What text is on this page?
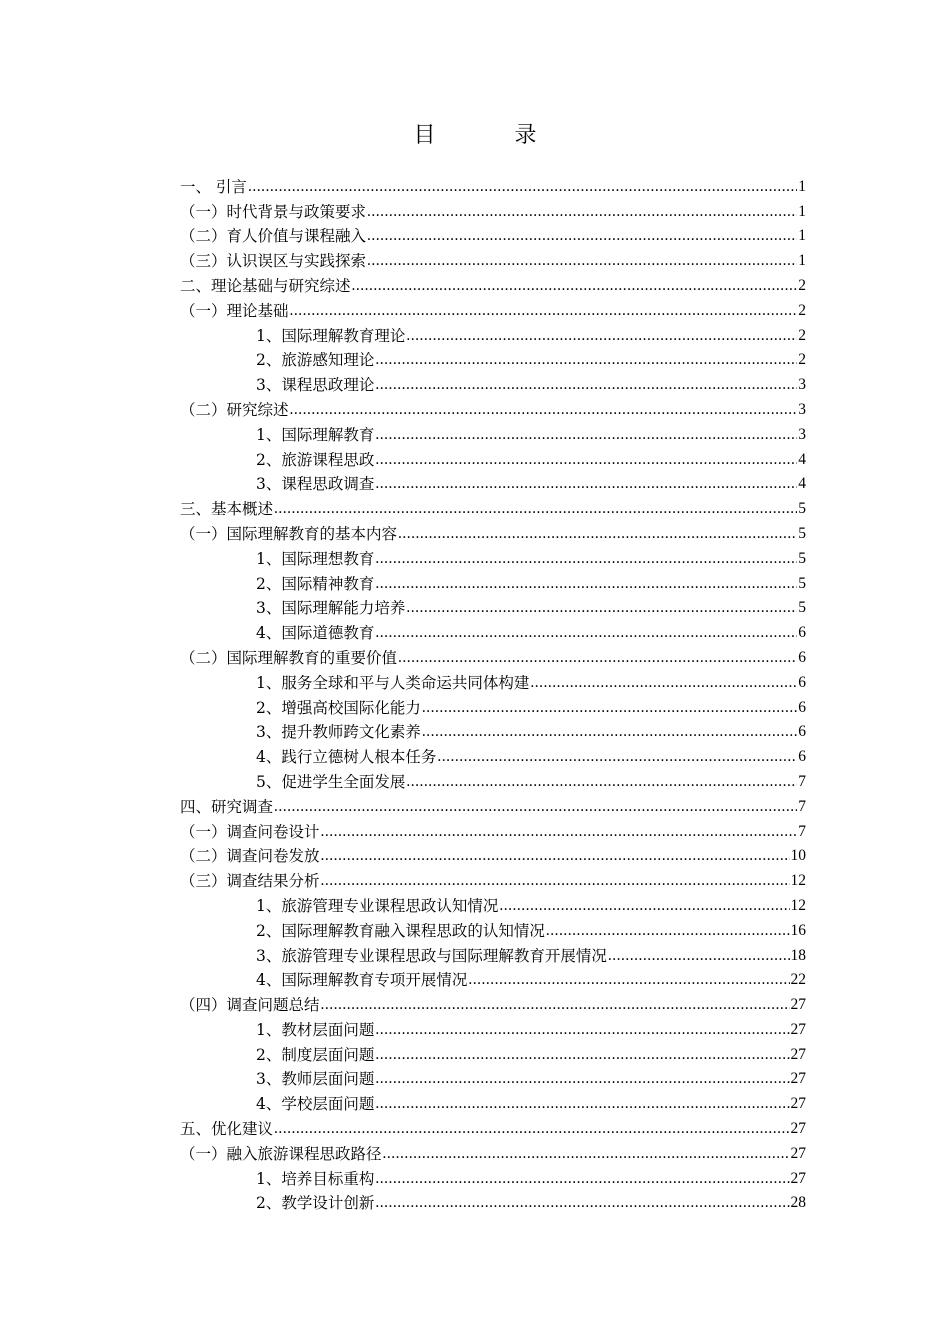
目 录
一、 引言 .....	1
（一）时代背景与政策要求 .....	1
（二）育人价值与课程融入 .....	1
（三）认识误区与实践探索 .....	1
二、理论基础与研究综述 .....	2
（一）理论基础 .....	2
1、国际理解教育理论 .....	2
2、旅游感知理论 .....	2
3、课程思政理论 .....	3
（二）研究综述 .....	3
1、国际理解教育 .....	3
2、旅游课程思政 .....	4
3、课程思政调查 .....	4
三、基本概述 .....	5
（一）国际理解教育的基本内容 .....	5
1、国际理想教育 .....	5
2、国际精神教育 .....	5
3、国际理解能力培养 .....	5
4、国际道德教育 .....	6
（二）国际理解教育的重要价值 .....	6
1、服务全球和平与人类命运共同体构建 .....	6
2、增强高校国际化能力 .....	6
3、提升教师跨文化素养 .....	6
4、践行立德树人根本任务 .....	6
5、促进学生全面发展 .....	7
四、研究调查 .....	7
（一）调查问卷设计 .....	7
（二）调查问卷发放 .....	10
（三）调查结果分析 .....	12
1、旅游管理专业课程思政认知情况 .....	12
2、国际理解教育融入课程思政的认知情况 .....	16
3、旅游管理专业课程思政与国际理解教育开展情况 .....	18
4、国际理解教育专项开展情况 .....	22
（四）调查问题总结 .....	27
1、教材层面问题 .....	27
2、制度层面问题 .....	27
3、教师层面问题 .....	27
4、学校层面问题 .....	27
五、优化建议 .....	27
（一）融入旅游课程思政路径 .....	27
1、培养目标重构 .....	27
2、教学设计创新 .....	28
